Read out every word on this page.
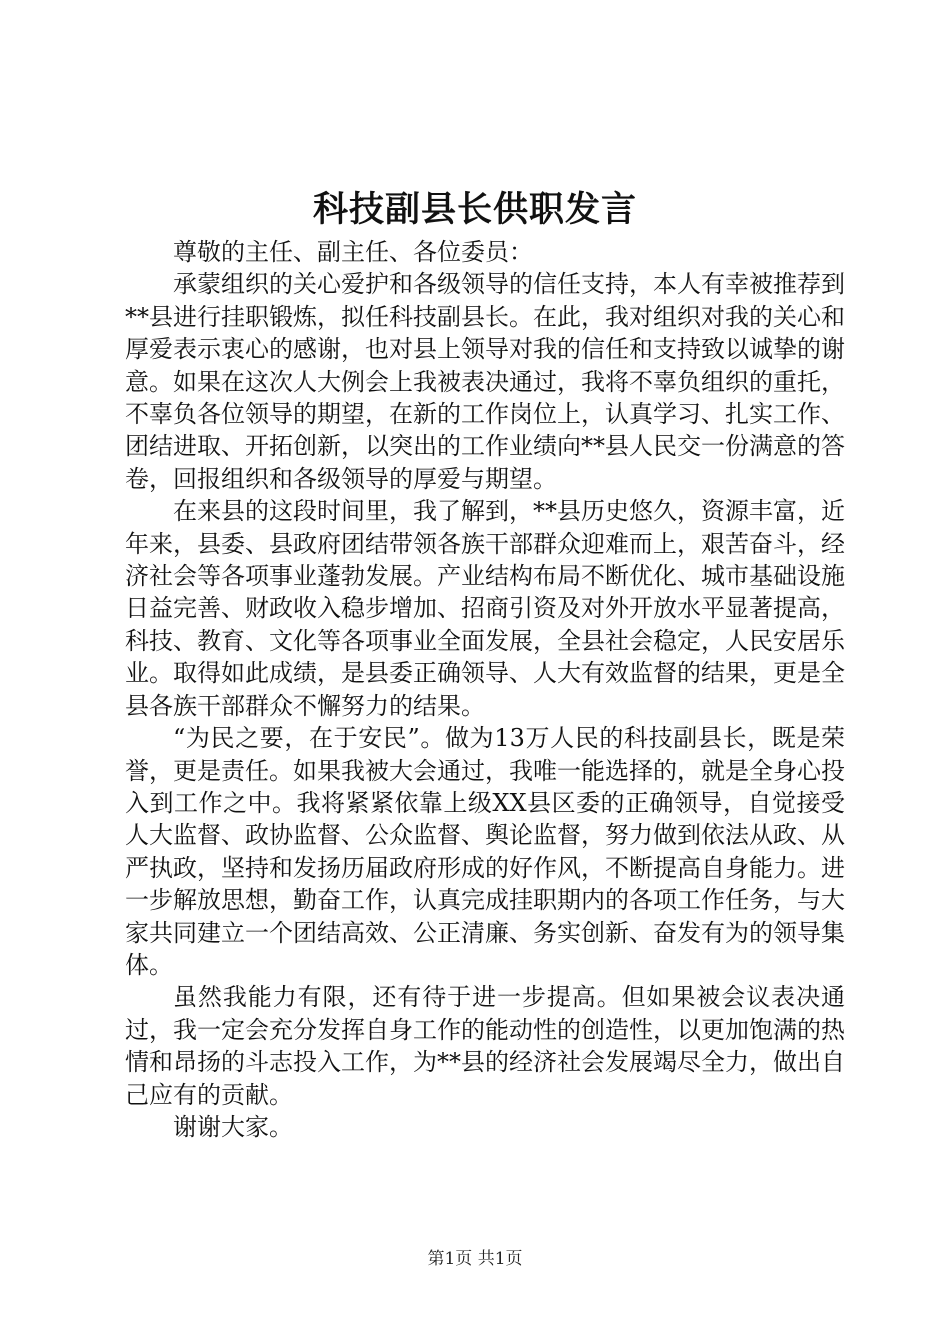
科技副县长供职发言

尊敬的主任、副主任、各位委员：

承蒙组织的关心爱护和各级领导的信任支持，本人有幸被推荐到**县进行挂职锻炼，拟任科技副县长。在此，我对组织对我的关心和厚爱表示衷心的感谢，也对县上领导对我的信任和支持致以诚挚的谢意。如果在这次人大例会上我被表决通过，我将不辜负组织的重托，不辜负各位领导的期望，在新的工作岗位上，认真学习、扎实工作、团结进取、开拓创新，以突出的工作业绩向**县人民交一份满意的答卷，回报组织和各级领导的厚爱与期望。

在来县的这段时间里，我了解到，**县历史悠久，资源丰富，近年来，县委、县政府团结带领各族干部群众迎难而上，艰苦奋斗，经济社会等各项事业蓬勃发展。产业结构布局不断优化、城市基础设施日益完善、财政收入稳步增加、招商引资及对外开放水平显著提高，科技、教育、文化等各项事业全面发展，全县社会稳定，人民安居乐业。取得如此成绩，是县委正确领导、人大有效监督的结果，更是全县各族干部群众不懈努力的结果。

“为民之要，在于安民”。做为13万人民的科技副县长，既是荣誉，更是责任。如果我被大会通过，我唯一能选择的，就是全身心投入到工作之中。我将紧紧依靠上级XX县区委的正确领导，自觉接受人大监督、政协监督、公众监督、舆论监督，努力做到依法从政、从严执政，坚持和发扬历届政府形成的好作风，不断提高自身能力。进一步解放思想，勤奋工作，认真完成挂职期内的各项工作任务，与大家共同建立一个团结高效、公正清廉、务实创新、奋发有为的领导集体。

虽然我能力有限，还有待于进一步提高。但如果被会议表决通过，我一定会充分发挥自身工作的能动性的创造性，以更加饱满的热情和昂扬的斗志投入工作，为**县的经济社会发展竭尽全力，做出自己应有的贡献。

谢谢大家。

第1页 共1页
